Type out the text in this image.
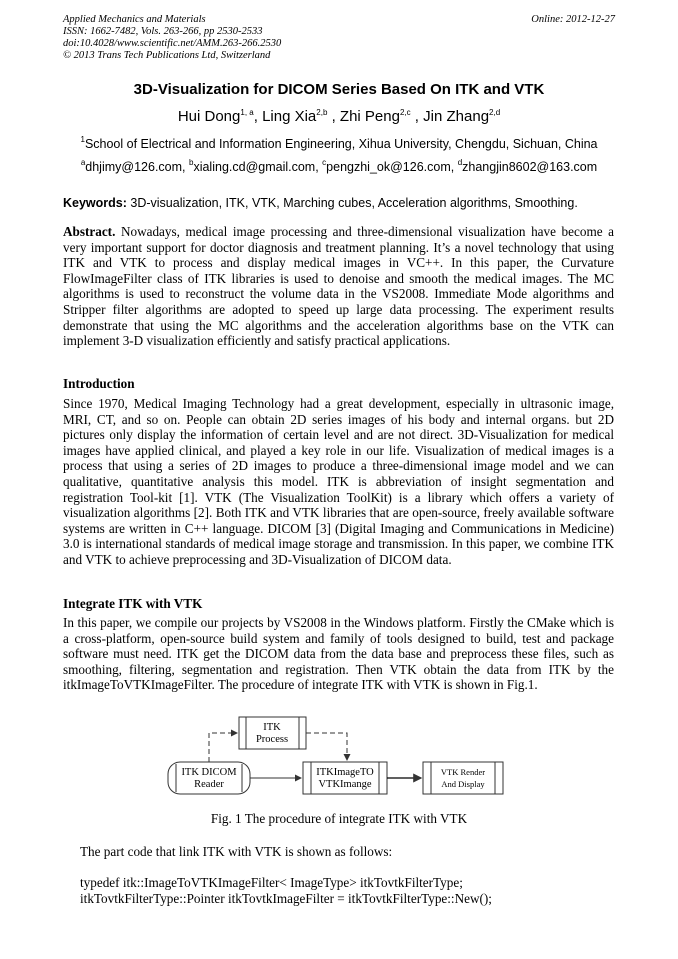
Applied Mechanics and Materials
ISSN: 1662-7482, Vols. 263-266, pp 2530-2533
doi:10.4028/www.scientific.net/AMM.263-266.2530
© 2013 Trans Tech Publications Ltd, Switzerland
Online: 2012-12-27
3D-Visualization for DICOM Series Based On ITK and VTK
Hui Dong$^{1, a}$, Ling Xia$^{2,b}$ , Zhi Peng$^{2,c}$ , Jin Zhang$^{2,d}$
$^1$School of Electrical and Information Engineering, Xihua University, Chengdu, Sichuan, China
$^a$dhjimy@126.com, $^b$xialing.cd@gmail.com, $^c$pengzhi_ok@126.com, $^d$zhangjin8602@163.com
Keywords: 3D-visualization, ITK, VTK, Marching cubes, Acceleration algorithms, Smoothing.
Abstract. Nowadays, medical image processing and three-dimensional visualization have become a very important support for doctor diagnosis and treatment planning. It’s a novel technology that using ITK and VTK to process and display medical images in VC++. In this paper, the Curvature FlowImageFilter class of ITK libraries is used to denoise and smooth the medical images. The MC algorithms is used to reconstruct the volume data in the VS2008. Immediate Mode algorithms and Stripper filter algorithms are adopted to speed up large data processing. The experiment results demonstrate that using the MC algorithms and the acceleration algorithms base on the VTK can implement 3-D visualization efficiently and satisfy practical applications.
Introduction
Since 1970, Medical Imaging Technology had a great development, especially in ultrasonic image, MRI, CT, and so on. People can obtain 2D series images of his body and internal organs. but 2D pictures only display the information of certain level and are not direct. 3D-Visualization for medical images have applied clinical, and played a key role in our life. Visualization of medical images is a process that using a series of 2D images to produce a three-dimensional image model and we can qualitative, quantitative analysis this model. ITK is abbreviation of insight segmentation and registration Tool-kit [1]. VTK (The Visualization ToolKit) is a library which offers a variety of visualization algorithms [2]. Both ITK and VTK libraries that are open-source, freely available software systems are written in C++ language. DICOM [3] (Digital Imaging and Communications in Medicine) 3.0 is international standards of medical image storage and transmission. In this paper, we combine ITK and VTK to achieve preprocessing and 3D-Visualization of DICOM data.
Integrate ITK with VTK
In this paper, we compile our projects by VS2008 in the Windows platform. Firstly the CMake which is a cross-platform, open-source build system and family of tools designed to build, test and package software must need. ITK get the DICOM data from the data base and preprocess these files, such as smoothing, filtering, segmentation and registration. Then VTK obtain the data from ITK by the itkImageToVTKImageFilter. The procedure of integrate ITK with VTK is shown in Fig.1.
ITK
Process
ITK DICOM
Reader
ITKImageTO
VTKImange
VTK Render
And Display
Fig. 1 The procedure of integrate ITK with VTK
The part code that link ITK with VTK is shown as follows:
typedef itk::ImageToVTKImageFilter< ImageType> itkTovtkFilterType;
itkTovtkFilterType::Pointer itkTovtkImageFilter = itkTovtkFilterType::New();
